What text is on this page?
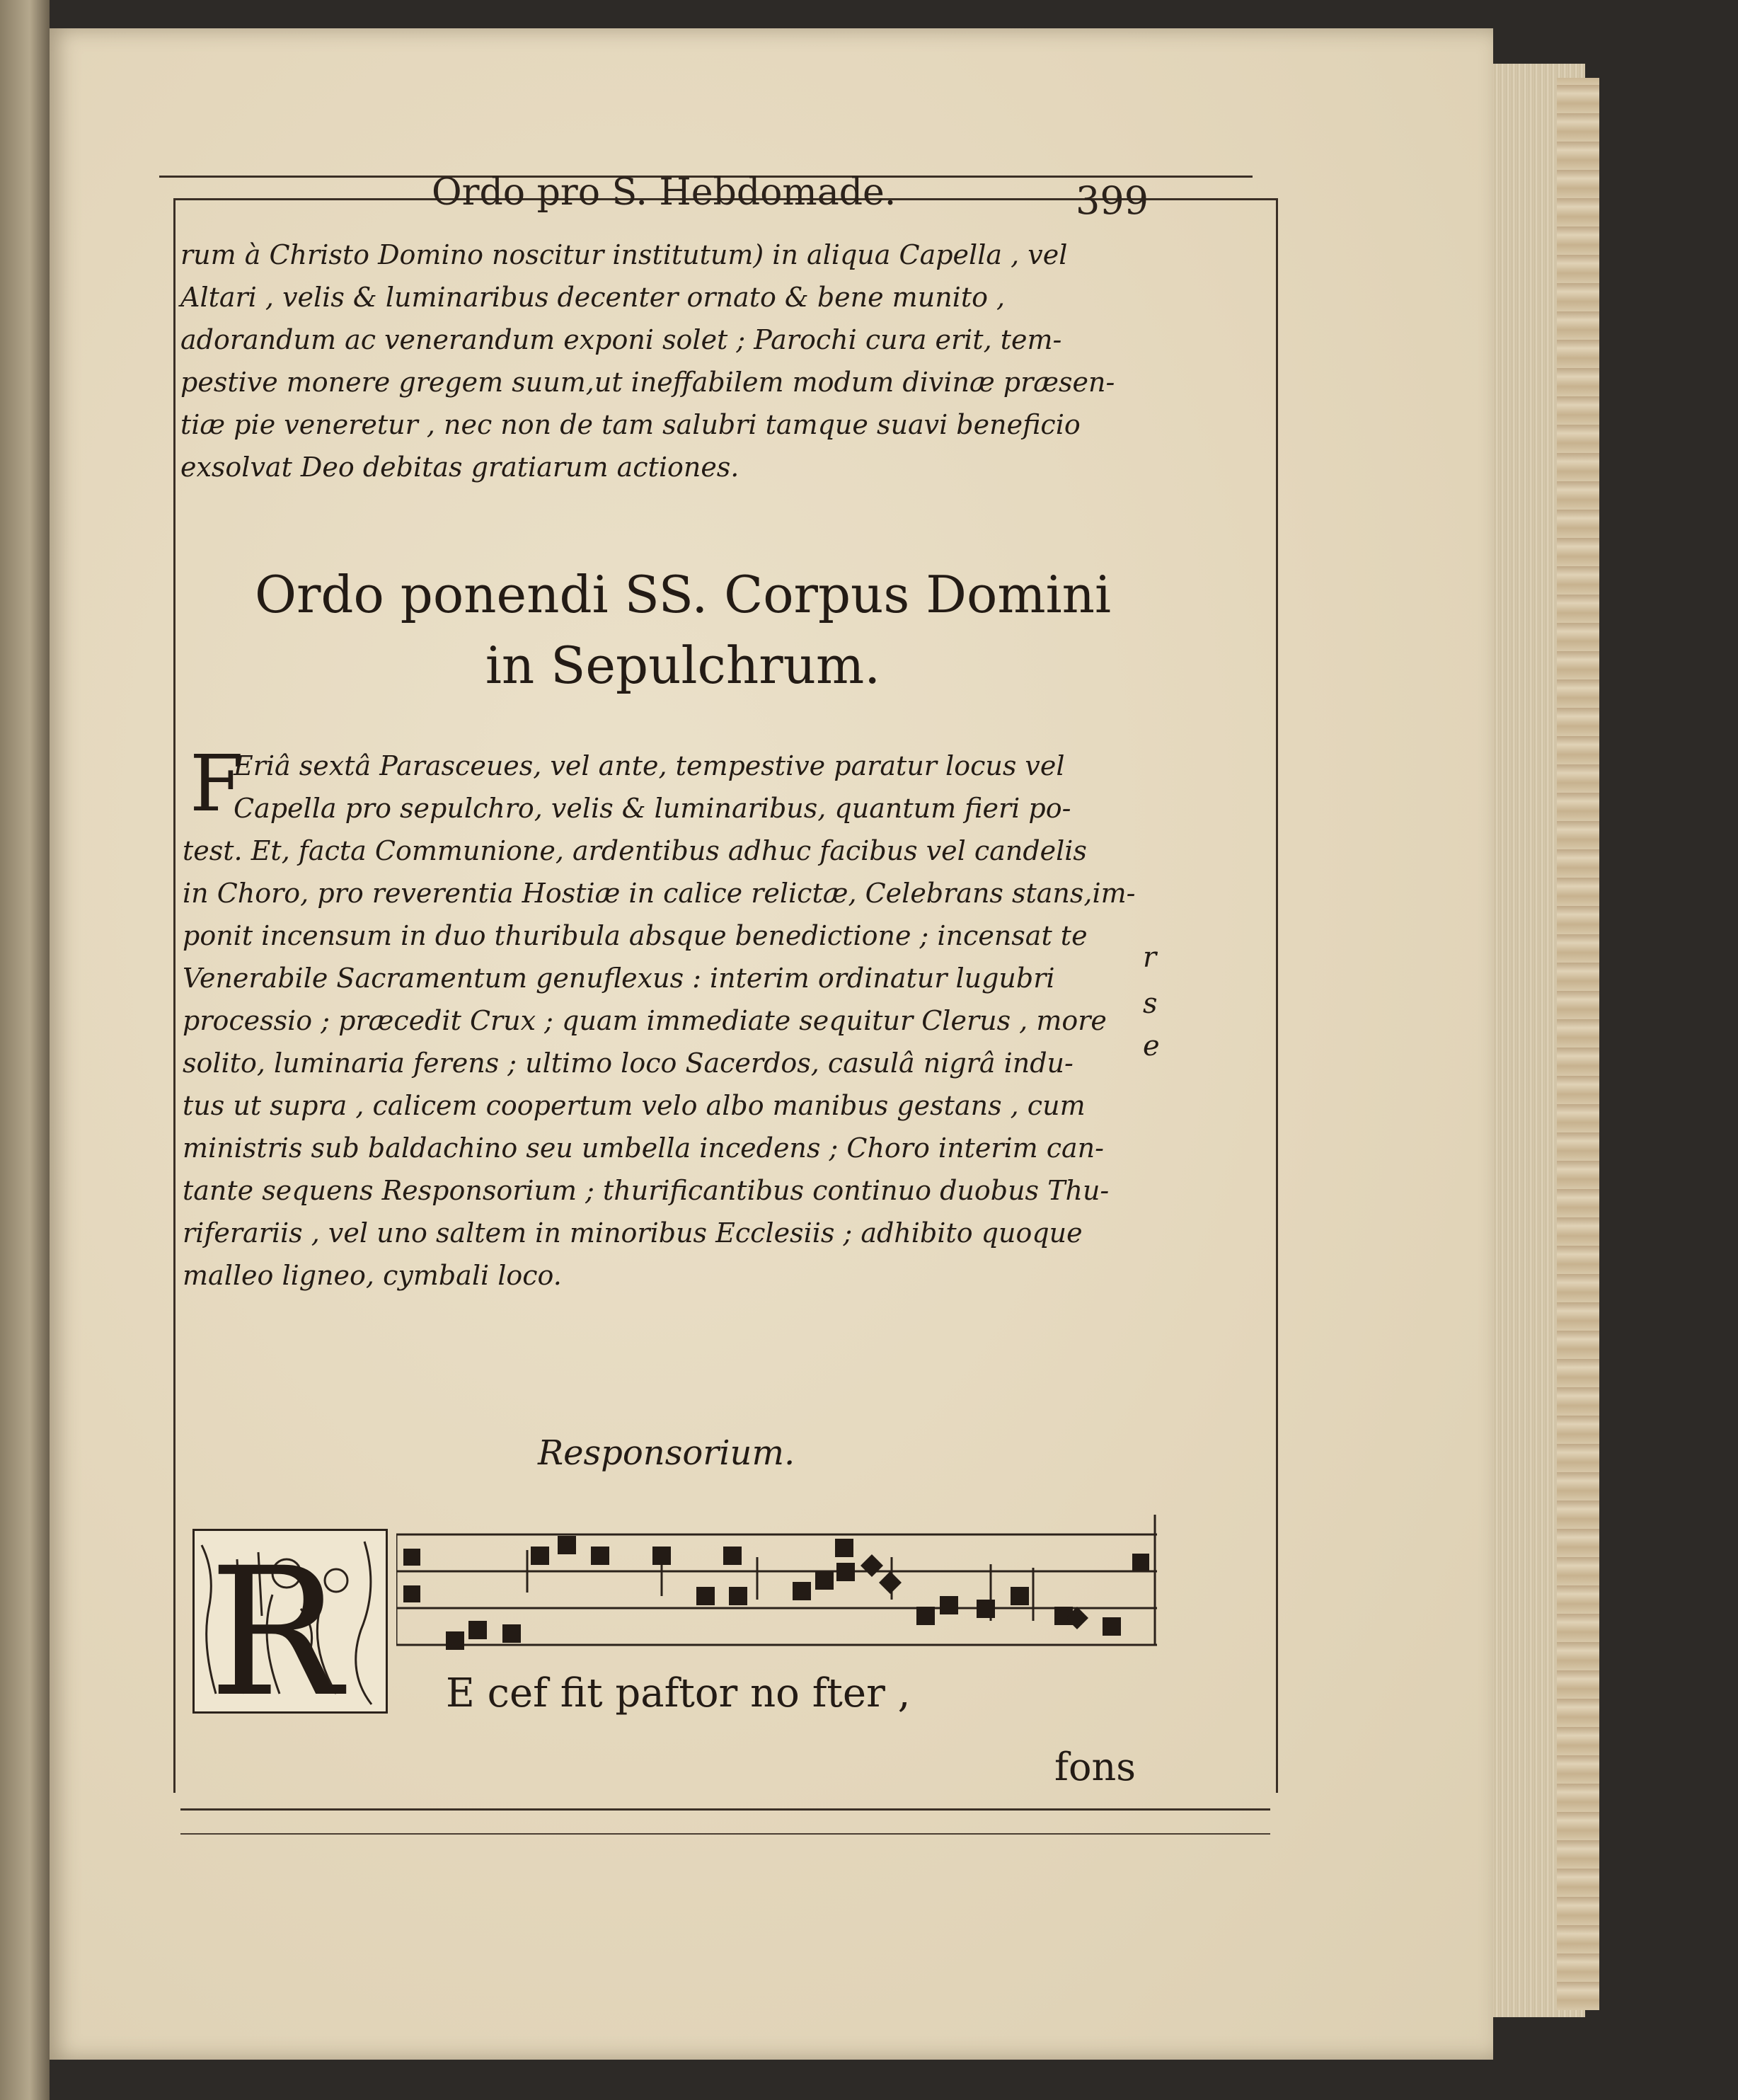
Ordo pro S. Hebdomade.	399
rum à Christo Domino noscitur institutum) in aliqua Capella , vel
Altari , velis & luminaribus decenter ornato & bene munito ,
adorandum ac venerandum exponi solet ; Parochi cura erit, tem-
pestive monere gregem suum,ut ineffabilem modum divinæ præsen-
tiæ pie veneretur , nec non de tam salubri tamque suavi beneficio
exsolvat Deo debitas gratiarum actiones.
Ordo ponendi SS. Corpus Domini
in Sepulchrum.
F
Eriâ sextâ Parasceues, vel ante, tempestive paratur locus vel
Capella pro sepulchro, velis & luminaribus, quantum fieri po-
test. Et, facta Communione, ardentibus adhuc facibus vel candelis
in Choro, pro reverentia Hostiæ in calice relictæ, Celebrans stans,im-
ponit incensum in duo thuribula absque benedictione ; incensat te
Venerabile Sacramentum genuflexus : interim ordinatur lugubri
processio ; præcedit Crux ; quam immediate sequitur Clerus , more
solito, luminaria ferens ; ultimo loco Sacerdos, casulâ nigrâ indu-
tus ut supra , calicem coopertum velo albo manibus gestans , cum
ministris sub baldachino seu umbella incedens ; Choro interim can-
tante sequens Responsorium ; thurificantibus continuo duobus Thu-
riferariis , vel uno saltem in minoribus Ecclesiis ; adhibito quoque
malleo ligneo, cymbali loco.
r
s
e
Responsorium.
R	E cef fit paftor no fter ,
fons
